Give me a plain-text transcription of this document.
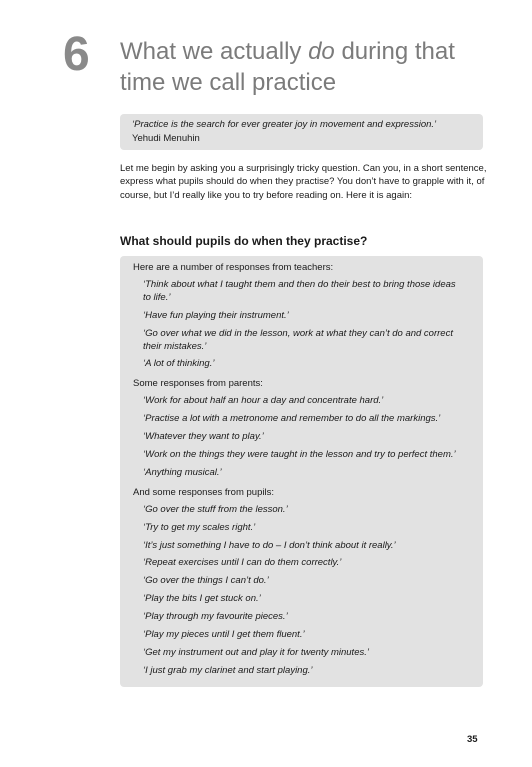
6 What we actually do during that time we call practice
‘Practice is the search for ever greater joy in movement and expression.’
Yehudi Menuhin
Let me begin by asking you a surprisingly tricky question. Can you, in a short sentence, express what pupils should do when they practise? You don’t have to grapple with it, of course, but I’d really like you to try before reading on. Here it is again:
What should pupils do when they practise?
Here are a number of responses from teachers:
‘Think about what I taught them and then do their best to bring those ideas to life.’
‘Have fun playing their instrument.’
‘Go over what we did in the lesson, work at what they can’t do and correct their mistakes.’
‘A lot of thinking.’
Some responses from parents:
‘Work for about half an hour a day and concentrate hard.’
‘Practise a lot with a metronome and remember to do all the markings.’
‘Whatever they want to play.’
‘Work on the things they were taught in the lesson and try to perfect them.’
‘Anything musical.’
And some responses from pupils:
‘Go over the stuff from the lesson.’
‘Try to get my scales right.’
‘It’s just something I have to do – I don’t think about it really.’
‘Repeat exercises until I can do them correctly.’
‘Go over the things I can’t do.’
‘Play the bits I get stuck on.’
‘Play through my favourite pieces.’
‘Play my pieces until I get them fluent.’
‘Get my instrument out and play it for twenty minutes.’
‘I just grab my clarinet and start playing.’
35
